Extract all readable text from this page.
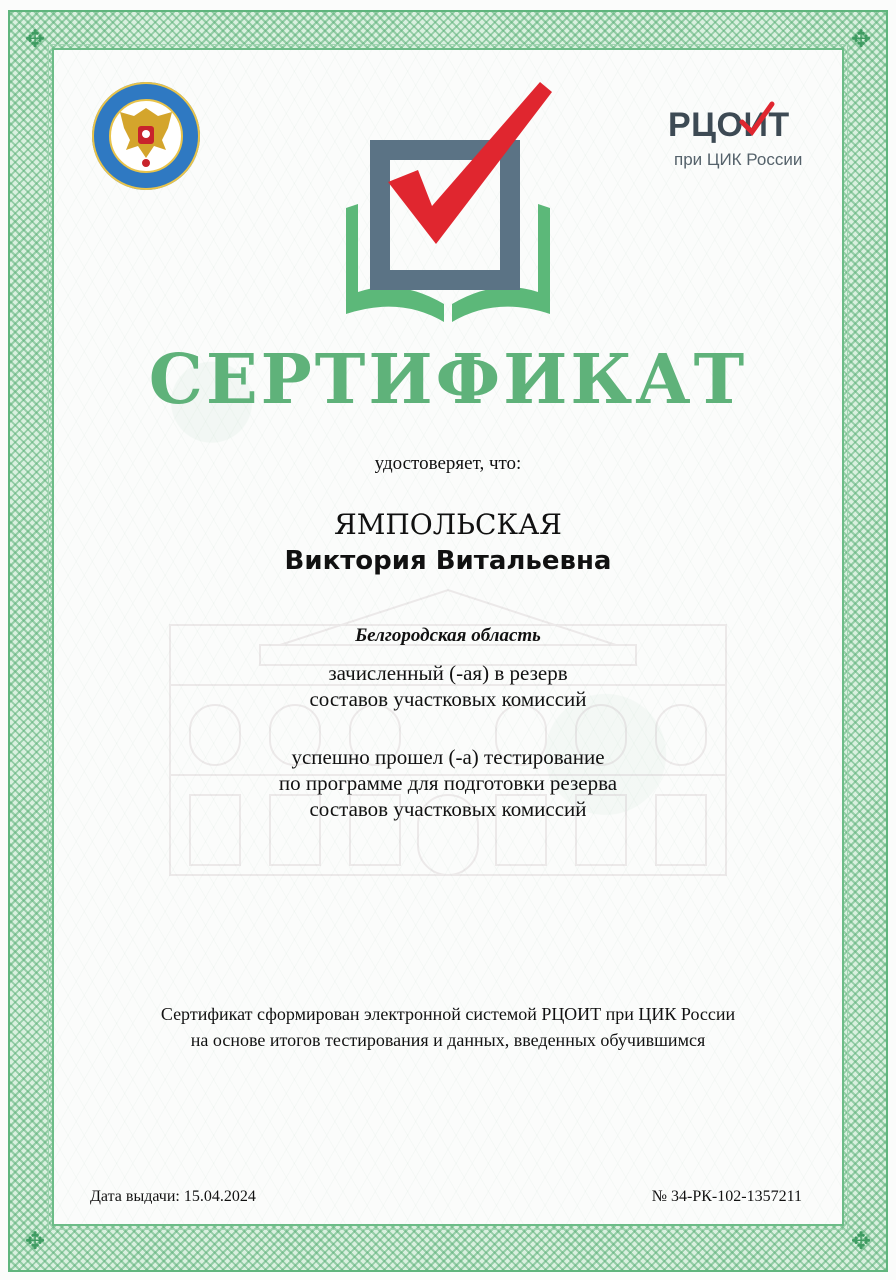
✥	✥
✥	✥
РЦОИТ
при ЦИК России
СЕРТИФИКАТ
удостоверяет, что:
ЯМПОЛЬСКАЯ
Виктория Витальевна
Белгородская область
зачисленный (-ая) в резерв
составов участковых комиссий
успешно прошел (-а) тестирование
по программе для подготовки резерва
составов участковых комиссий
Сертификат сформирован электронной системой РЦОИТ при ЦИК России
на основе итогов тестирования и данных, введенных обучившимся
Дата выдачи: 15.04.2024	№ 34-РК-102-1357211
